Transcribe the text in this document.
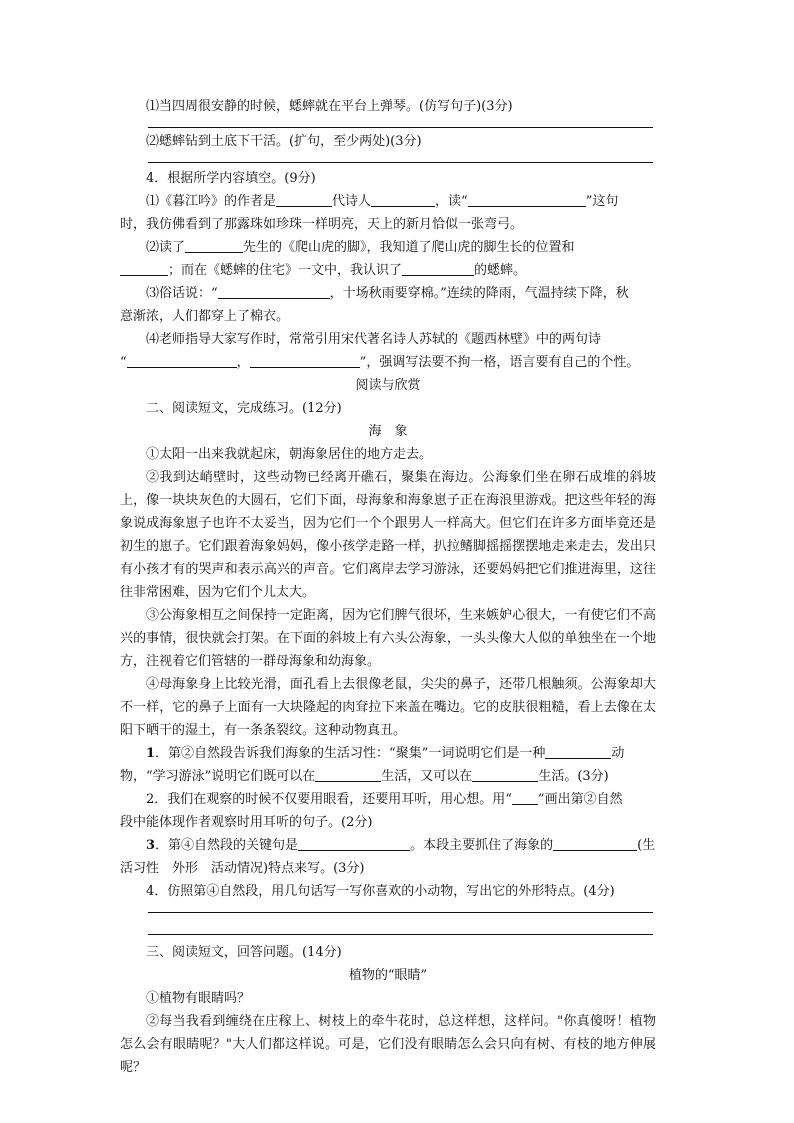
⑴当四周很安静的时候，蟋蟀就在平台上弹琴。(仿写句子)(3分)

⑵蟋蟀钻到土底下干活。(扩句，至少两处)(3分)

4．根据所学内容填空。(9分)

⑴《暮江吟》的作者是	代诗人	，读“	”这句

时，我仿佛看到了那露珠如珍珠一样明亮，天上的新月恰似一张弯弓。

⑵读了	先生的《爬山虎的脚》，我知道了爬山虎的脚生长的位置和

；而在《蟋蟀的住宅》一文中，我认识了	的蟋蟀。

⑶俗话说：“	，十场秋雨要穿棉。”连续的降雨，气温持续下降，秋

意渐浓，人们都穿上了棉衣。

⑷老师指导大家写作时，常常引用宋代著名诗人苏轼的《题西林壁》中的两句诗

“	，	”，强调写法要不拘一格，语言要有自己的个性。

阅读与欣赏

二、阅读短文，完成练习。(12分)

海　象

①太阳一出来我就起床，朝海象居住的地方走去。

②我到达峭壁时，这些动物已经离开礁石，聚集在海边。公海象们坐在卵石成堆的斜坡上，像一块块灰色的大圆石，它们下面，母海象和海象崽子正在海浪里游戏。把这些年轻的海象说成海象崽子也许不太妥当，因为它们一个个跟男人一样高大。但它们在许多方面毕竟还是初生的崽子。它们跟着海象妈妈，像小孩学走路一样，扒拉鳍脚摇摇摆摆地走来走去，发出只有小孩才有的哭声和表示高兴的声音。它们离岸去学习游泳，还要妈妈把它们推进海里，这往往非常困难，因为它们个儿太大。

③公海象相互之间保持一定距离，因为它们脾气很坏，生来嫉妒心很大，一有使它们不高兴的事情，很快就会打架。在下面的斜坡上有六头公海象，一头头像大人似的单独坐在一个地方，注视着它们管辖的一群母海象和幼海象。

④母海象身上比较光滑，面孔看上去很像老鼠，尖尖的鼻子，还带几根触须。公海象却大不一样，它的鼻子上面有一大块隆起的肉耷拉下来盖在嘴边。它的皮肤很粗糙，看上去像在太阳下晒干的湿土，有一条条裂纹。这种动物真丑。

1．第②自然段告诉我们海象的生活习性：“聚集”一词说明它们是一种	动

物，“学习游泳”说明它们既可以在	生活，又可以在	生活。(3分)

2．我们在观察的时候不仅要用眼看，还要用耳听，用心想。用“ ”画出第②自然

段中能体现作者观察时用耳听的句子。(2分)

3．第④自然段的关键句是	。本段主要抓住了海象的	(生

活习性　外形　活动情况)特点来写。(3分)

4．仿照第④自然段，用几句话写一写你喜欢的小动物，写出它的外形特点。(4分)

三、阅读短文，回答问题。(14分)

植物的“眼睛”

①植物有眼睛吗？

②每当我看到缠绕在庄稼上、树枝上的牵牛花时，总这样想，这样问。"你真傻呀！植物怎么会有眼睛呢？"大人们都这样说。可是，它们没有眼睛怎么会只向有树、有枝的地方伸展呢？
